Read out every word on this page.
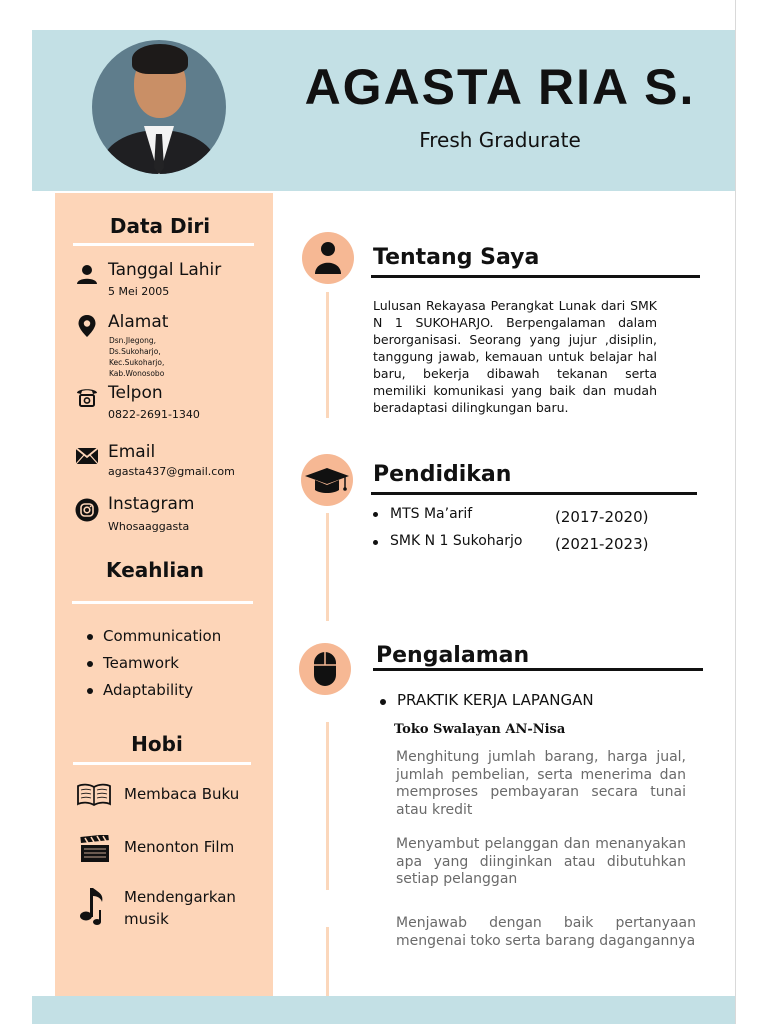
AGASTA RIA S.
Fresh Gradurate
Data Diri
Tanggal Lahir
5 Mei 2005
Alamat
Dsn.Jlegong,
Ds.Sukoharjo,
Kec.Sukoharjo,
Kab.Wonosobo
Telpon
0822-2691-1340
Email
agasta437@gmail.com
Instagram
Whosaaggasta
Keahlian
Communication
Teamwork
Adaptability
Hobi
Membaca Buku
Menonton Film
Mendengarkan musik
Tentang Saya
Lulusan Rekayasa Perangkat Lunak dari SMK N 1 SUKOHARJO. Berpengalaman dalam berorganisasi. Seorang yang jujur ,disiplin, tanggung jawab, kemauan untuk belajar hal baru, bekerja dibawah tekanan serta memiliki komunikasi yang baik dan mudah beradaptasi dilingkungan baru.
Pendidikan
MTS Ma’arif	(2017-2020)
SMK N 1 Sukoharjo (2021-2023)
Pengalaman
PRAKTIK KERJA LAPANGAN
Toko Swalayan AN-Nisa
Menghitung jumlah barang, harga jual, jumlah pembelian, serta menerima dan memproses pembayaran secara tunai atau kredit
Menyambut pelanggan dan menanyakan apa yang diinginkan atau dibutuhkan setiap pelanggan
Menjawab dengan baik pertanyaan mengenai toko serta barang dagangannya
